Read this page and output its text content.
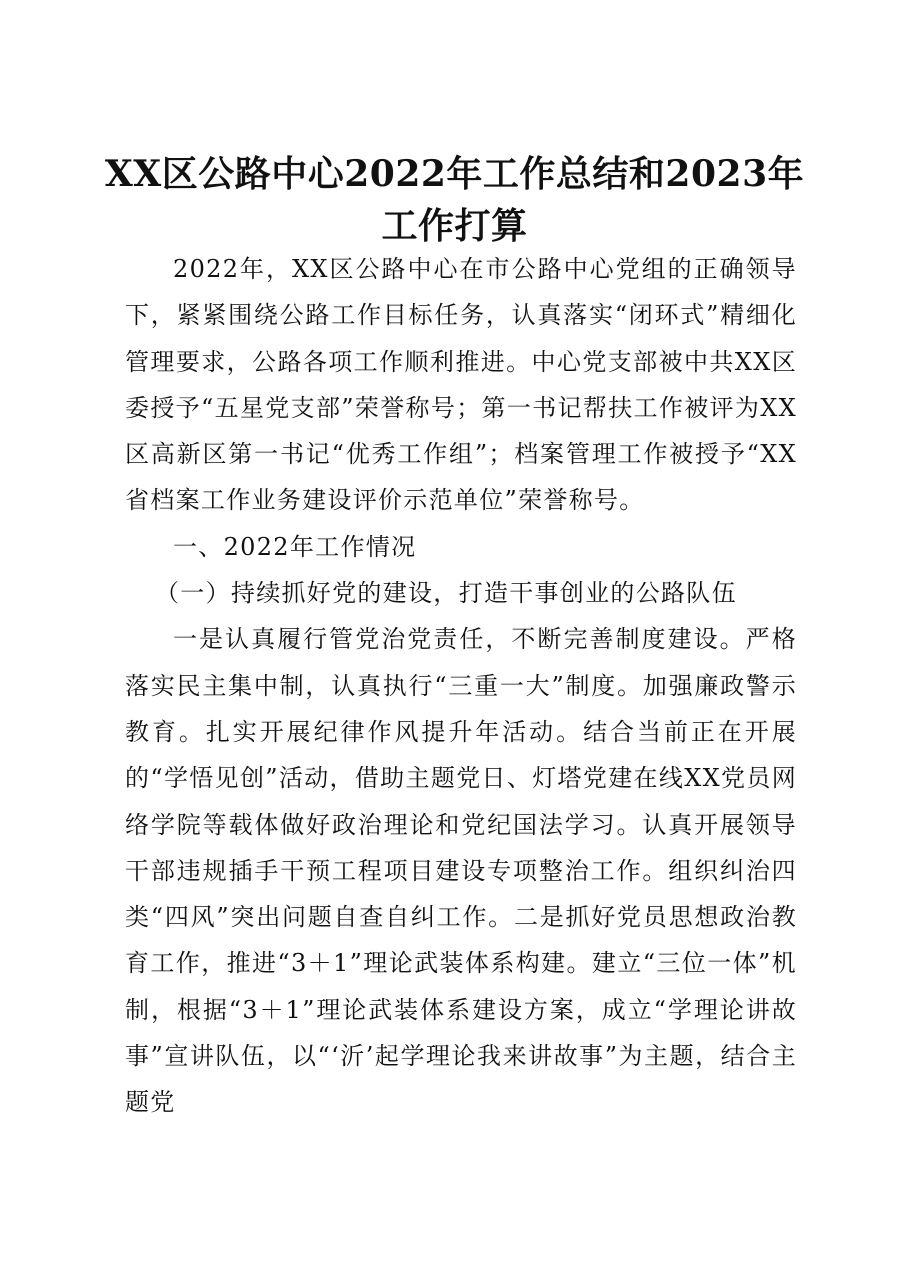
XX区公路中心2022年工作总结和2023年工作打算

2022年，XX区公路中心在市公路中心党组的正确领导下，紧紧围绕公路工作目标任务，认真落实“闭环式”精细化管理要求，公路各项工作顺利推进。中心党支部被中共XX区委授予“五星党支部”荣誉称号；第一书记帮扶工作被评为XX区高新区第一书记“优秀工作组”；档案管理工作被授予“XX省档案工作业务建设评价示范单位”荣誉称号。

一、2022年工作情况

（一）持续抓好党的建设，打造干事创业的公路队伍

一是认真履行管党治党责任，不断完善制度建设。严格落实民主集中制，认真执行“三重一大”制度。加强廉政警示教育。扎实开展纪律作风提升年活动。结合当前正在开展的“学悟见创”活动，借助主题党日、灯塔党建在线XX党员网络学院等载体做好政治理论和党纪国法学习。认真开展领导干部违规插手干预工程项目建设专项整治工作。组织纠治四类“四风”突出问题自查自纠工作。二是抓好党员思想政治教育工作，推进“3＋1”理论武装体系构建。建立“三位一体”机制，根据“3＋1”理论武装体系建设方案，成立“学理论讲故事”宣讲队伍，以“‘沂’起学理论我来讲故事”为主题，结合主题党
